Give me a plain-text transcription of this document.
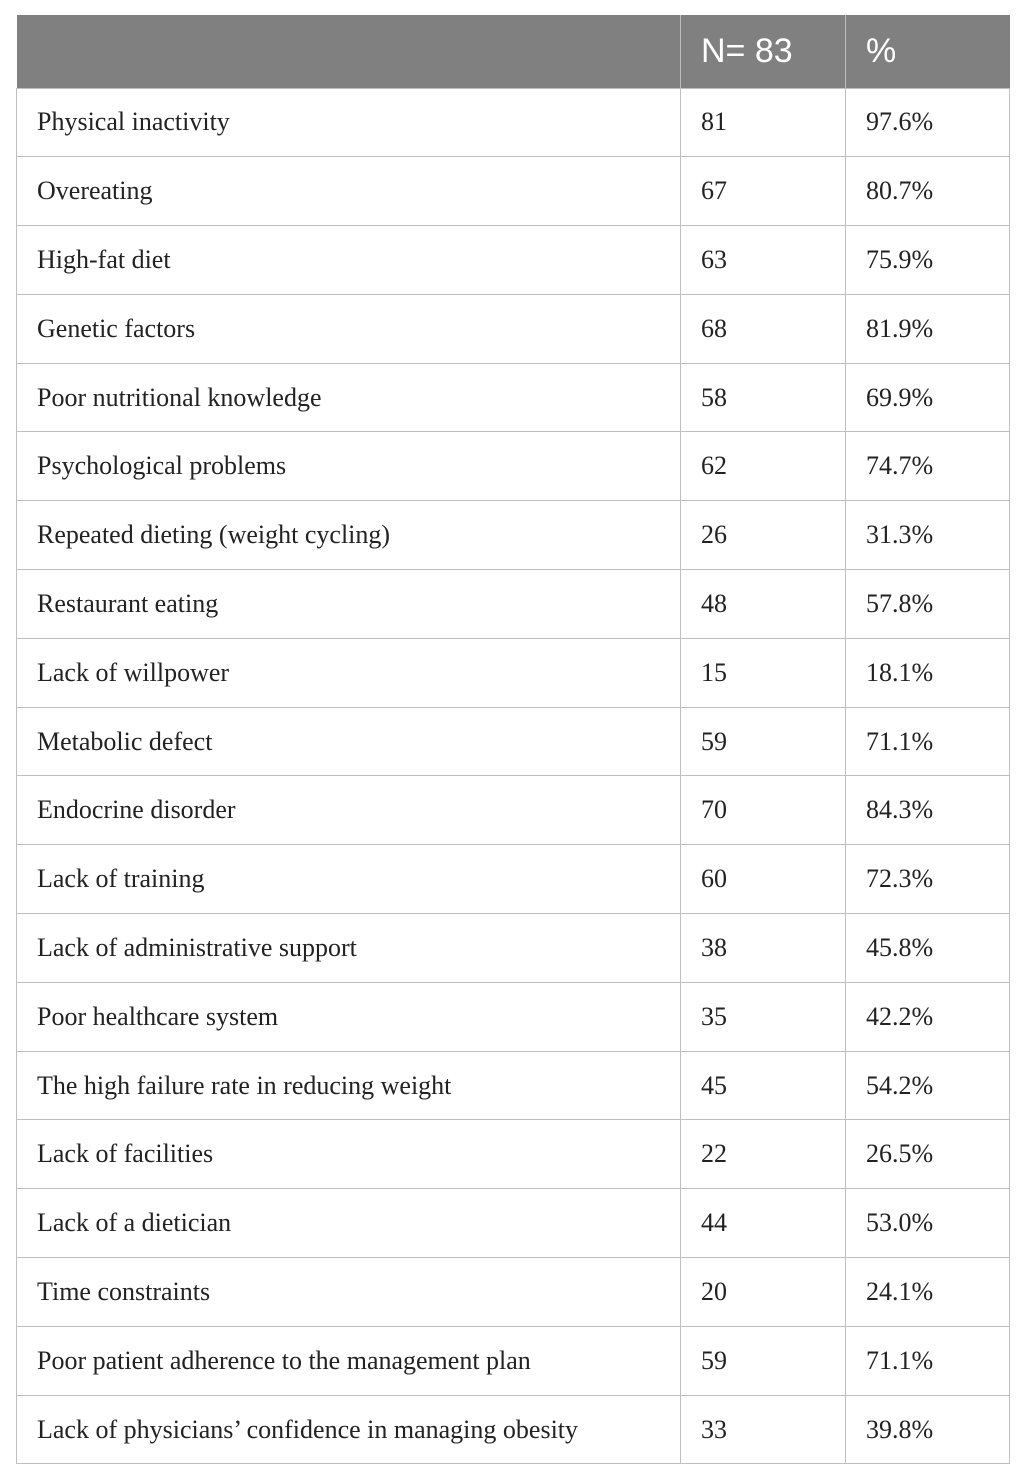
	N= 83	%
Physical inactivity	81	97.6%
Overeating	67	80.7%
High-fat diet	63	75.9%
Genetic factors	68	81.9%
Poor nutritional knowledge	58	69.9%
Psychological problems	62	74.7%
Repeated dieting (weight cycling)	26	31.3%
Restaurant eating	48	57.8%
Lack of willpower	15	18.1%
Metabolic defect	59	71.1%
Endocrine disorder	70	84.3%
Lack of training	60	72.3%
Lack of administrative support	38	45.8%
Poor healthcare system	35	42.2%
The high failure rate in reducing weight	45	54.2%
Lack of facilities	22	26.5%
Lack of a dietician	44	53.0%
Time constraints	20	24.1%
Poor patient adherence to the management plan	59	71.1%
Lack of physicians’ confidence in managing obesity	33	39.8%
